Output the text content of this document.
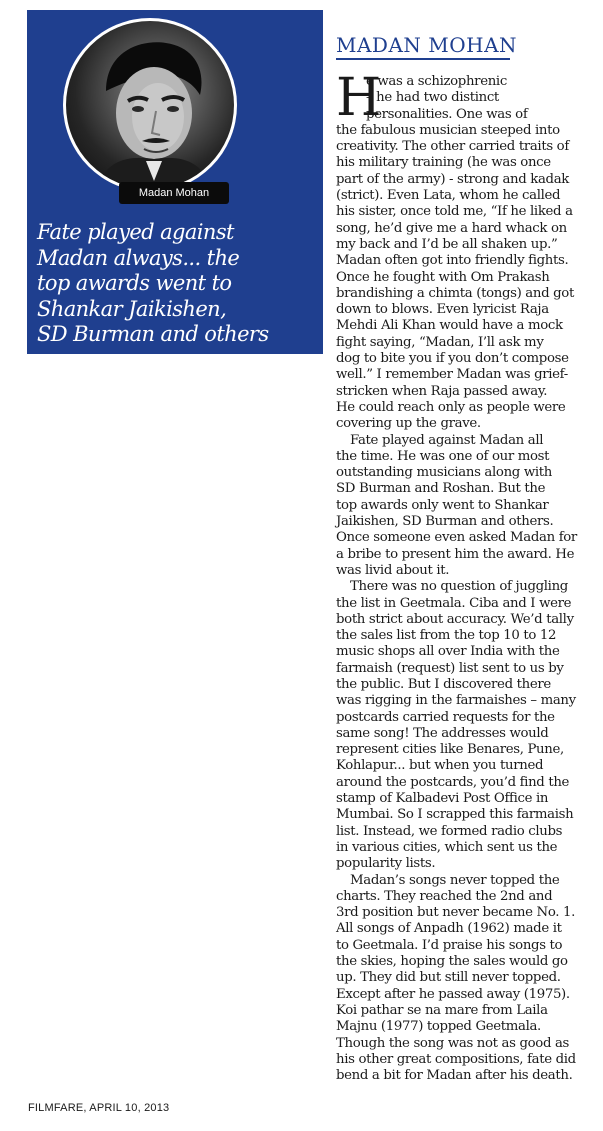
Madan Mohan
Fate played against
Madan always... the
top awards went to
Shankar Jaikishen,
SD Burman and others
MADAN MOHAN

H
e was a schizophrenic
– he had two distinct
personalities. One was of
the fabulous musician steeped into
creativity. The other carried traits of
his military training (he was once
part of the army) - strong and kadak
(strict). Even Lata, whom he called
his sister, once told me, “If he liked a
song, he’d give me a hard whack on
my back and I’d be all shaken up.”
Madan often got into friendly fights.
Once he fought with Om Prakash
brandishing a chimta (tongs) and got
down to blows. Even lyricist Raja
Mehdi Ali Khan would have a mock
fight saying, “Madan, I’ll ask my
dog to bite you if you don’t compose
well.” I remember Madan was grief-
stricken when Raja passed away.
He could reach only as people were
covering up the grave.

Fate played against Madan all

the time. He was one of our most
outstanding musicians along with
SD Burman and Roshan. But the
top awards only went to Shankar
Jaikishen, SD Burman and others.
Once someone even asked Madan for
a bribe to present him the award. He
was livid about it.

There was no question of juggling

the list in Geetmala. Ciba and I were
both strict about accuracy. We’d tally
the sales list from the top 10 to 12
music shops all over India with the
farmaish (request) list sent to us by
the public. But I discovered there
was rigging in the farmaishes – many
postcards carried requests for the
same song! The addresses would
represent cities like Benares, Pune,
Kohlapur... but when you turned
around the postcards, you’d find the
stamp of Kalbadevi Post Office in
Mumbai. So I scrapped this farmaish
list. Instead, we formed radio clubs
in various cities, which sent us the
popularity lists.

Madan’s songs never topped the

charts. They reached the 2nd and
3rd position but never became No. 1.
All songs of Anpadh (1962) made it
to Geetmala. I’d praise his songs to
the skies, hoping the sales would go
up. They did but still never topped.
Except after he passed away (1975).
Koi pathar se na mare from Laila
Majnu (1977) topped Geetmala.
Though the song was not as good as
his other great compositions, fate did
bend a bit for Madan after his death.

FILMFARE, APRIL 10, 2013
